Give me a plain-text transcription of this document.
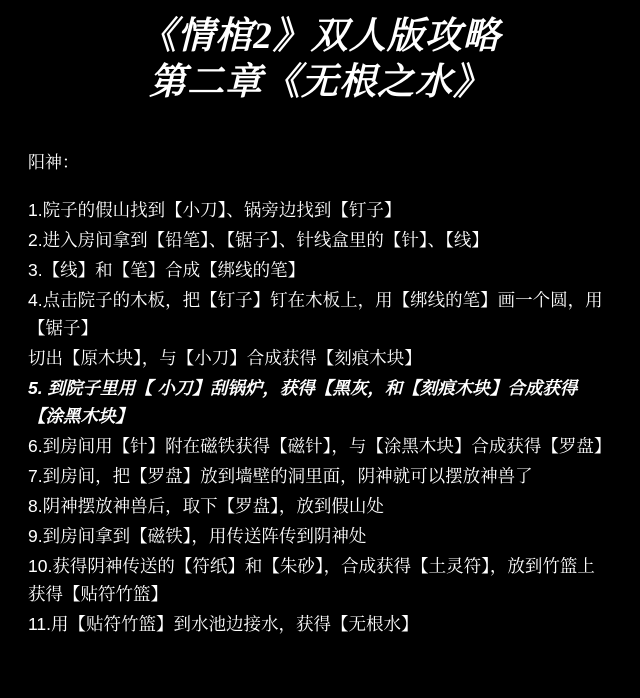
《情棺2》双人版攻略
第二章《无根之水》
阳神：
1.院子的假山找到【小刀】、锅旁边找到【钉子】
2.进入房间拿到【铅笔】、【锯子】、针线盒里的【针】、【线】
3.【线】和【笔】合成【绑线的笔】
4.点击院子的木板，把【钉子】钉在木板上，用【绑线的笔】画一个圆，用【锯子】
切出【原木块】，与【小刀】合成获得【刻痕木块】
5. 到院子里用【 小刀】刮锅炉，获得【黑灰，和【刻痕木块】合成获得【涂黑木块】
6.到房间用【针】附在磁铁获得【磁针】，与【涂黑木块】合成获得【罗盘】
7.到房间，把【罗盘】放到墙壁的洞里面，阴神就可以摆放神兽了
8.阴神摆放神兽后，取下【罗盘】，放到假山处
9.到房间拿到【磁铁】，用传送阵传到阴神处
10.获得阴神传送的【符纸】和【朱砂】，合成获得【土灵符】，放到竹篮上获得【贴符竹篮】
11.用【贴符竹篮】到水池边接水，获得【无根水】
